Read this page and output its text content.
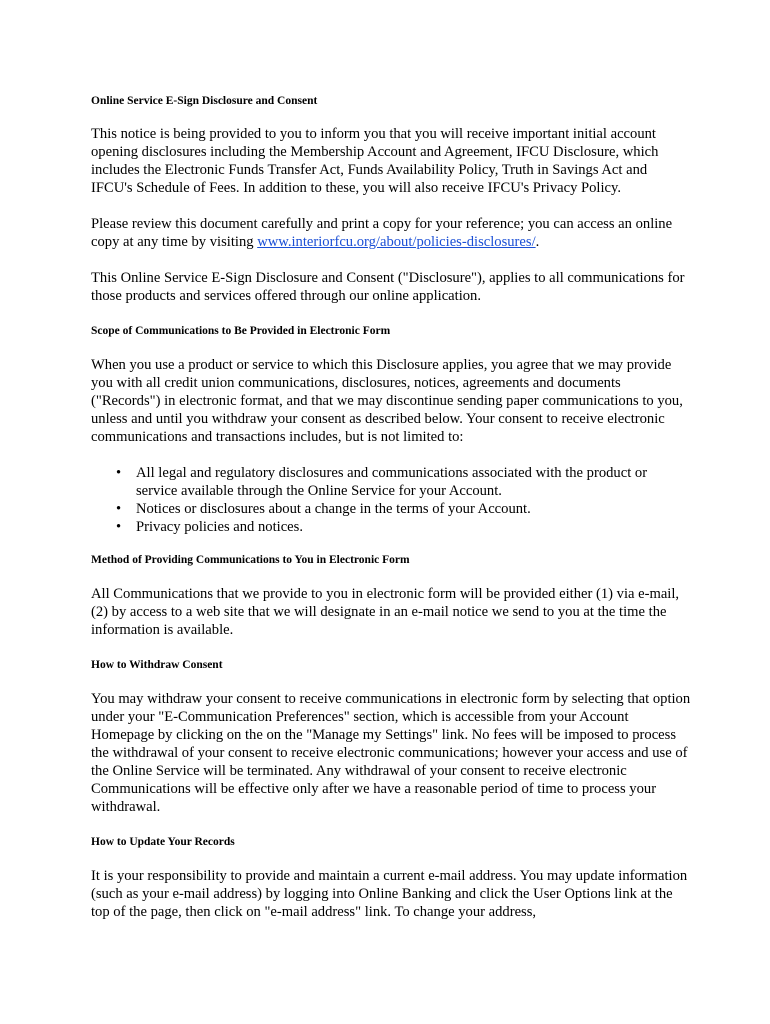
Online Service E-Sign Disclosure and Consent

This notice is being provided to you to inform you that you will receive important initial account opening disclosures including the Membership Account and Agreement, IFCU Disclosure, which includes the Electronic Funds Transfer Act, Funds Availability Policy, Truth in Savings Act and IFCU's Schedule of Fees. In addition to these, you will also receive IFCU's Privacy Policy.

Please review this document carefully and print a copy for your reference; you can access an online copy at any time by visiting www.interiorfcu.org/about/policies-disclosures/.

This Online Service E-Sign Disclosure and Consent ("Disclosure"), applies to all communications for those products and services offered through our online application.

Scope of Communications to Be Provided in Electronic Form

When you use a product or service to which this Disclosure applies, you agree that we may provide you with all credit union communications, disclosures, notices, agreements and documents ("Records") in electronic format, and that we may discontinue sending paper communications to you, unless and until you withdraw your consent as described below. Your consent to receive electronic communications and transactions includes, but is not limited to:

• All legal and regulatory disclosures and communications associated with the product or service available through the Online Service for your Account.
• Notices or disclosures about a change in the terms of your Account.
• Privacy policies and notices.
Method of Providing Communications to You in Electronic Form

All Communications that we provide to you in electronic form will be provided either (1) via e-mail, (2) by access to a web site that we will designate in an e-mail notice we send to you at the time the information is available.

How to Withdraw Consent

You may withdraw your consent to receive communications in electronic form by selecting that option under your "E-Communication Preferences" section, which is accessible from your Account Homepage by clicking on the on the "Manage my Settings" link. No fees will be imposed to process the withdrawal of your consent to receive electronic communications; however your access and use of the Online Service will be terminated. Any withdrawal of your consent to receive electronic Communications will be effective only after we have a reasonable period of time to process your withdrawal.

How to Update Your Records

It is your responsibility to provide and maintain a current e-mail address. You may update information (such as your e-mail address) by logging into Online Banking and click the User Options link at the top of the page, then click on "e-mail address" link. To change your address,
